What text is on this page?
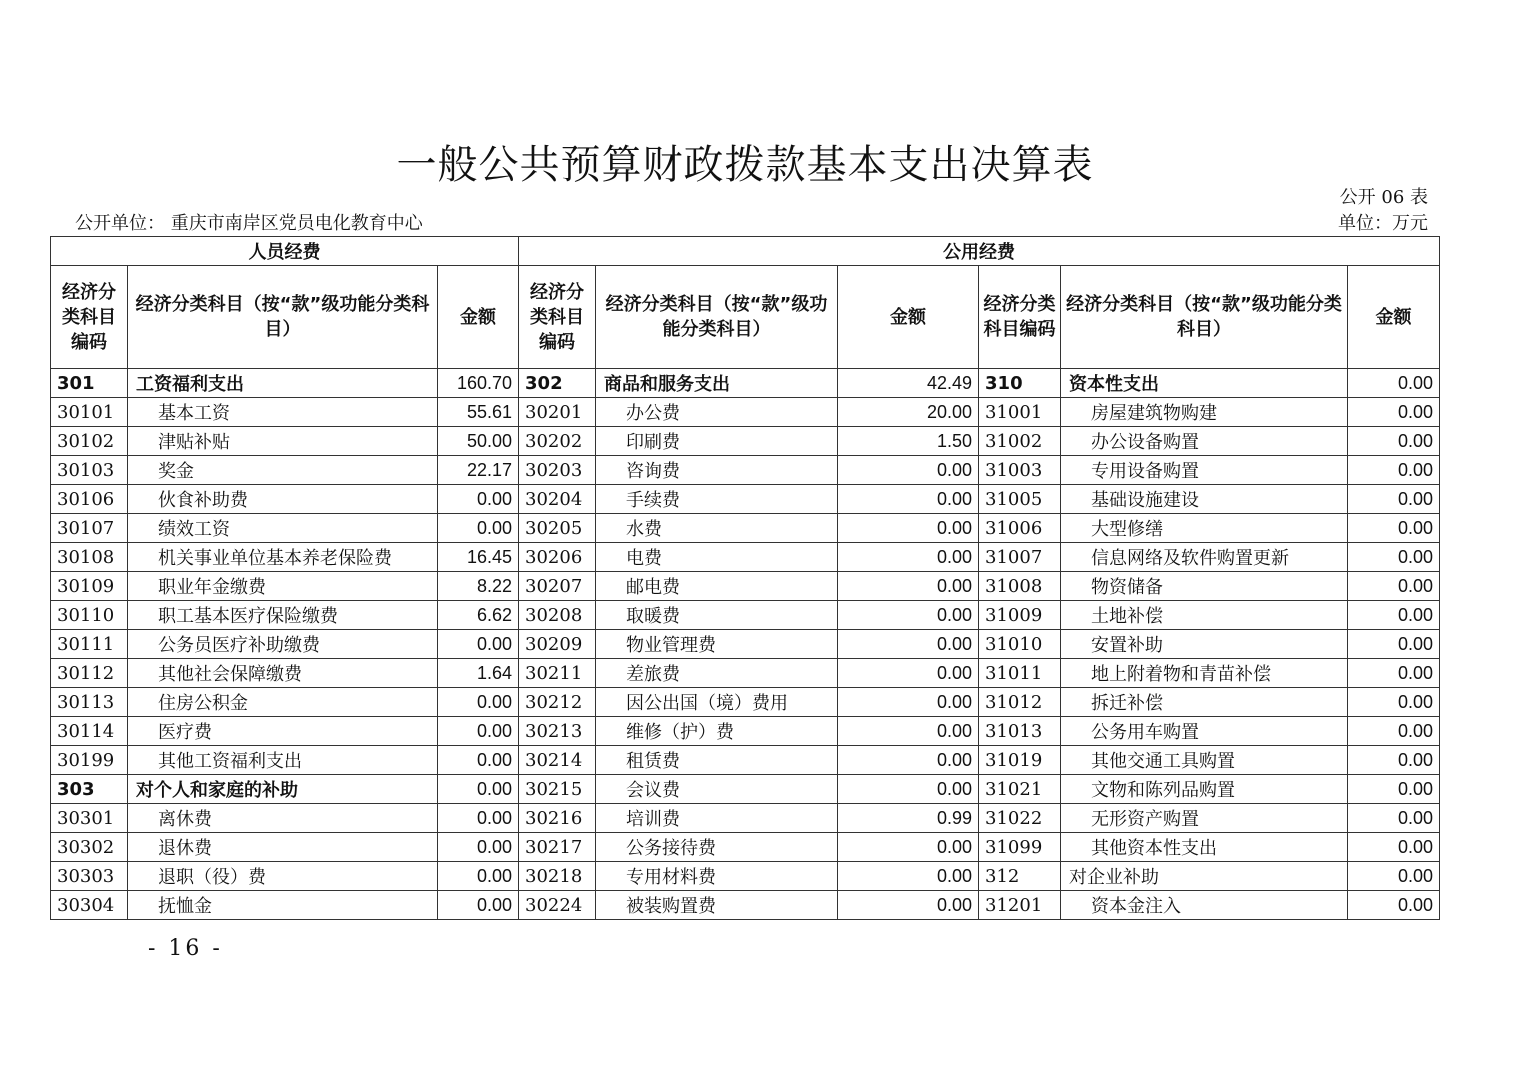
一般公共预算财政拨款基本支出决算表
公开 06 表
公开单位： 重庆市南岸区党员电化教育中心	单位：万元
人员经费			公用经费					
经济分类科目编码	经济分类科目（按“款”级功能分类科目）	金额	经济分类科目编码	经济分类科目（按“款”级功能分类科目）	金额	经济分类科目编码	经济分类科目（按“款”级功能分类科目）	金额
301	工资福利支出	160.70	302	商品和服务支出	42.49	310	资本性支出	0.00
30101	基本工资	55.61	30201	办公费	20.00	31001	房屋建筑物购建	0.00
30102	津贴补贴	50.00	30202	印刷费	1.50	31002	办公设备购置	0.00
30103	奖金	22.17	30203	咨询费	0.00	31003	专用设备购置	0.00
30106	伙食补助费	0.00	30204	手续费	0.00	31005	基础设施建设	0.00
30107	绩效工资	0.00	30205	水费	0.00	31006	大型修缮	0.00
30108	机关事业单位基本养老保险费	16.45	30206	电费	0.00	31007	信息网络及软件购置更新	0.00
30109	职业年金缴费	8.22	30207	邮电费	0.00	31008	物资储备	0.00
30110	职工基本医疗保险缴费	6.62	30208	取暖费	0.00	31009	土地补偿	0.00
30111	公务员医疗补助缴费	0.00	30209	物业管理费	0.00	31010	安置补助	0.00
30112	其他社会保障缴费	1.64	30211	差旅费	0.00	31011	地上附着物和青苗补偿	0.00
30113	住房公积金	0.00	30212	因公出国（境）费用	0.00	31012	拆迁补偿	0.00
30114	医疗费	0.00	30213	维修（护）费	0.00	31013	公务用车购置	0.00
30199	其他工资福利支出	0.00	30214	租赁费	0.00	31019	其他交通工具购置	0.00
303	对个人和家庭的补助	0.00	30215	会议费	0.00	31021	文物和陈列品购置	0.00
30301	离休费	0.00	30216	培训费	0.99	31022	无形资产购置	0.00
30302	退休费	0.00	30217	公务接待费	0.00	31099	其他资本性支出	0.00
30303	退职（役）费	0.00	30218	专用材料费	0.00	312	对企业补助	0.00
30304	抚恤金	0.00	30224	被装购置费	0.00	31201	资本金注入	0.00
- 16 -
